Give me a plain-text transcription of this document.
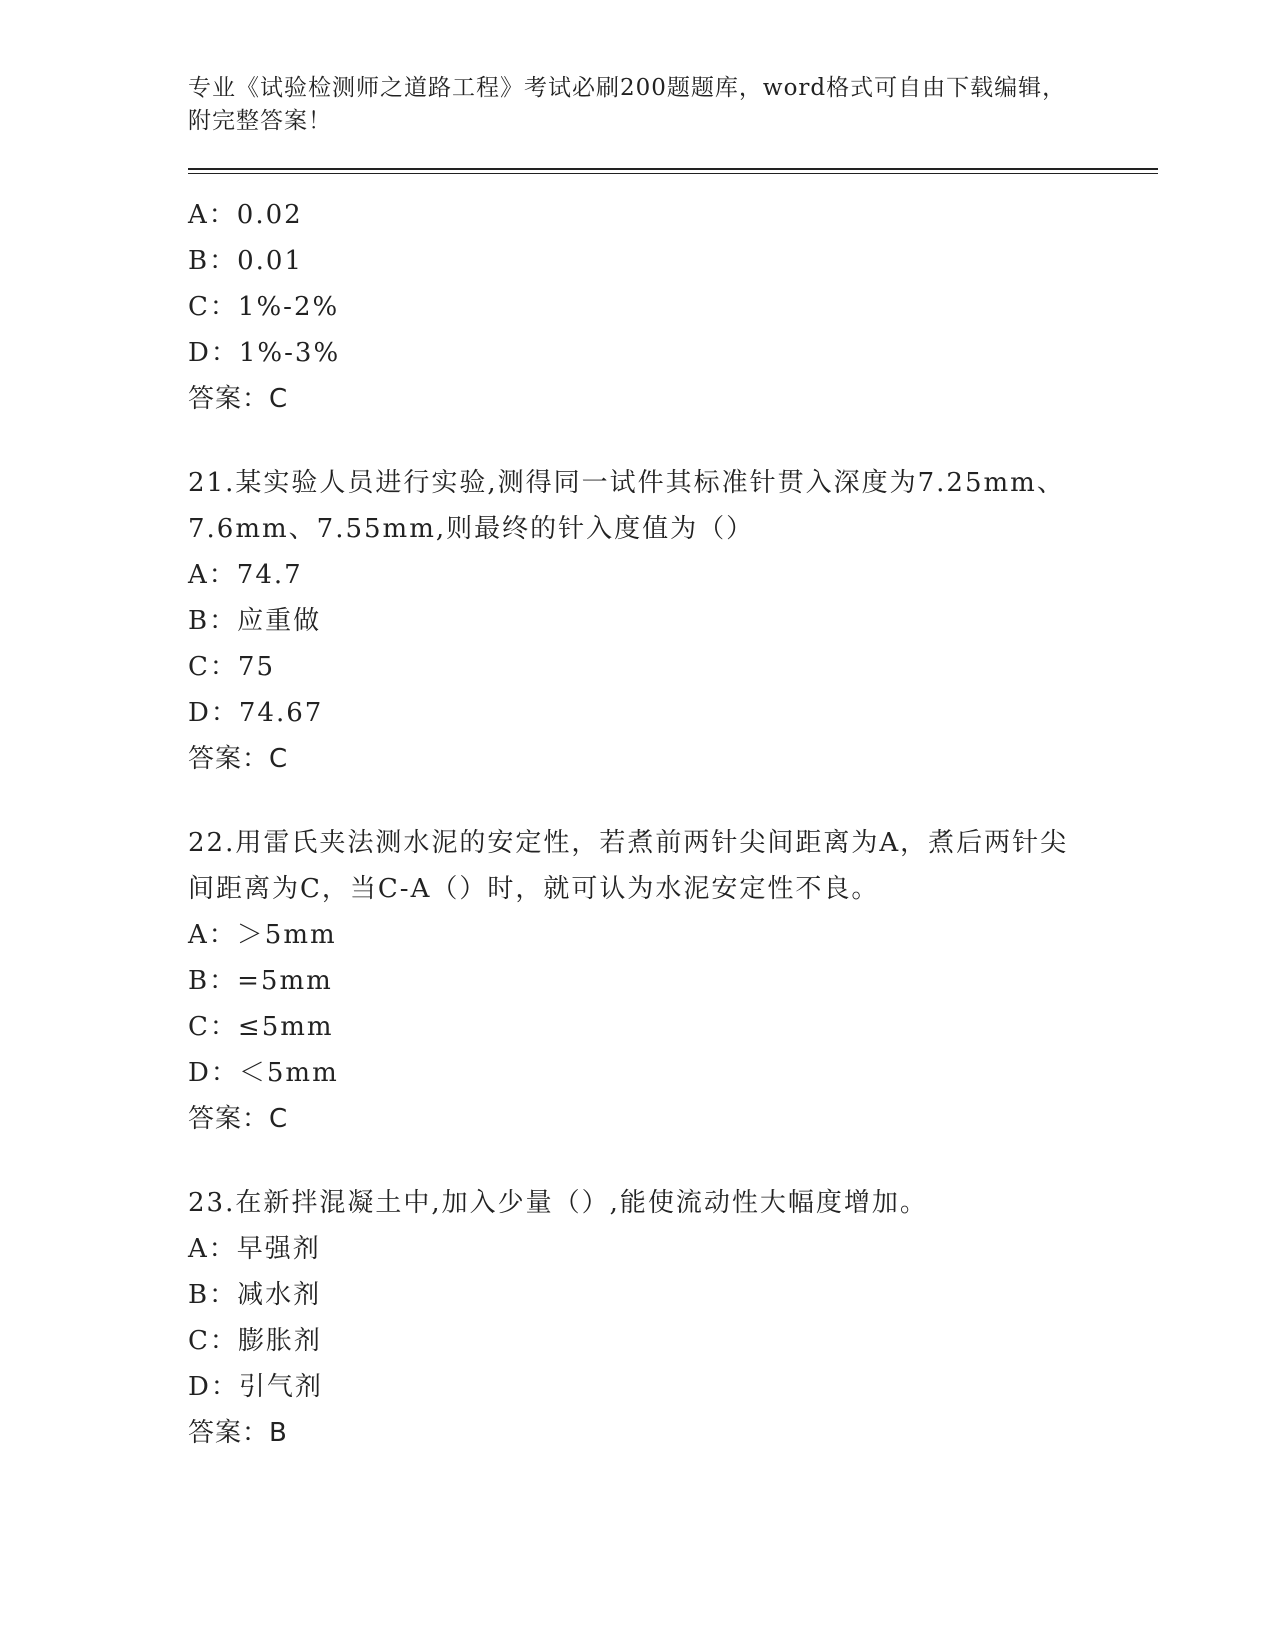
专业《试验检测师之道路工程》考试必刷200题题库，word格式可自由下载编辑，附完整答案！
A：0.02
B：0.01
C：1%-2%
D：1%-3%
答案：C
21.某实验人员进行实验,测得同一试件其标准针贯入深度为7.25mm、7.6mm、7.55mm,则最终的针入度值为（）
A：74.7
B：应重做
C：75
D：74.67
答案：C
22.用雷氏夹法测水泥的安定性，若煮前两针尖间距离为A，煮后两针尖间距离为C，当C-A（）时，就可认为水泥安定性不良。
A：＞5mm
B：=5mm
C：≤5mm
D：＜5mm
答案：C
23.在新拌混凝土中,加入少量（）,能使流动性大幅度增加。
A：早强剂
B：减水剂
C：膨胀剂
D：引气剂
答案：B
